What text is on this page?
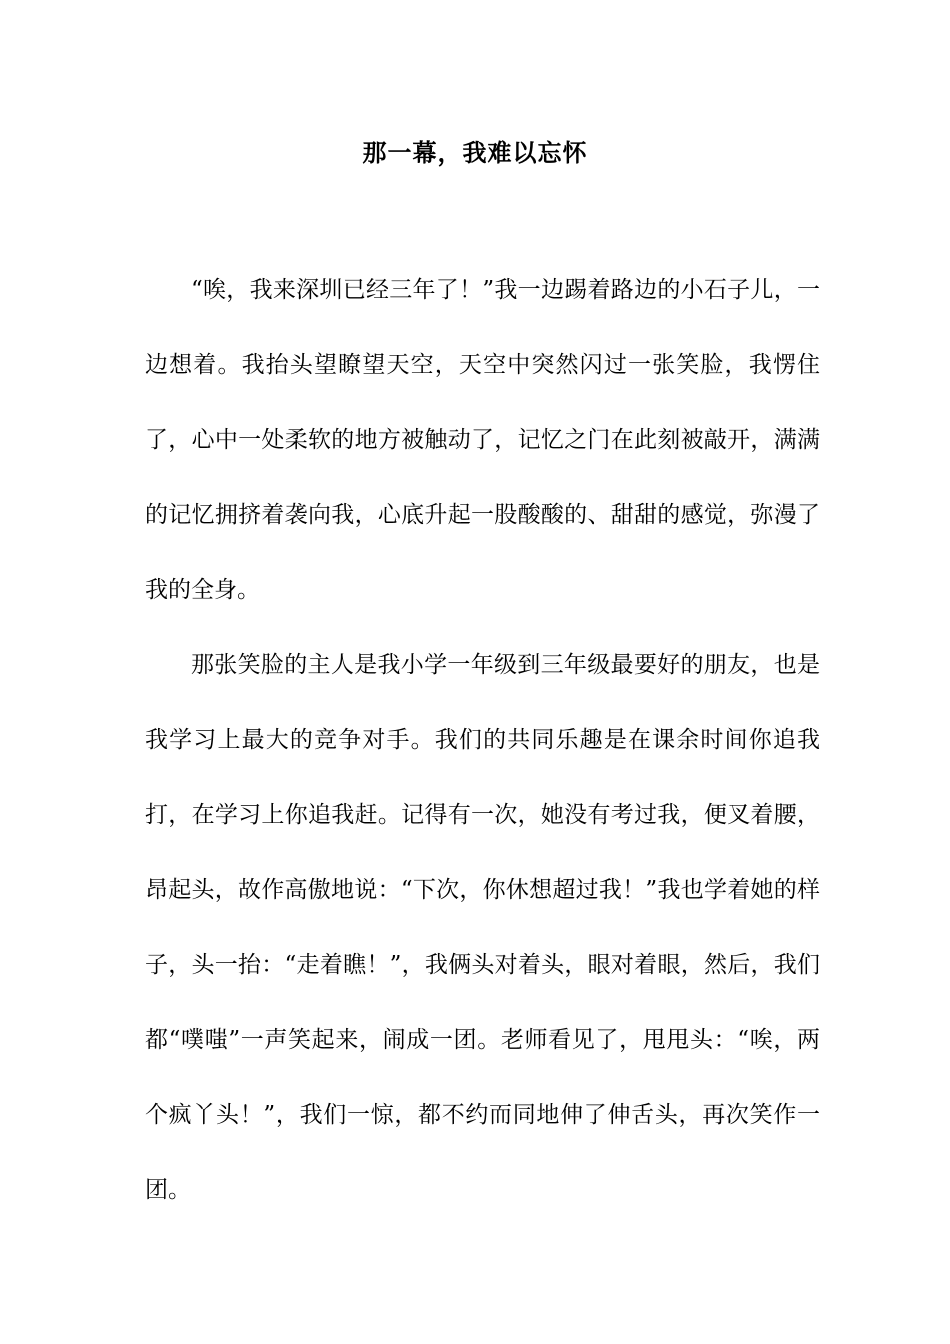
那一幕，我难以忘怀

“唉，我来深圳已经三年了！”我一边踢着路边的小石子儿，一边想着。我抬头望瞭望天空，天空中突然闪过一张笑脸，我愣住了，心中一处柔软的地方被触动了，记忆之门在此刻被敲开，满满的记忆拥挤着袭向我，心底升起一股酸酸的、甜甜的感觉，弥漫了我的全身。

那张笑脸的主人是我小学一年级到三年级最要好的朋友，也是我学习上最大的竞争对手。我们的共同乐趣是在课余时间你追我打，在学习上你追我赶。记得有一次，她没有考过我，便叉着腰，昂起头，故作高傲地说：“下次，你休想超过我！”我也学着她的样子，头一抬：“走着瞧！”，我俩头对着头，眼对着眼，然后，我们都“噗嗤”一声笑起来，闹成一团。老师看见了，甩甩头：“唉，两个疯丫头！”，我们一惊，都不约而同地伸了伸舌头，再次笑作一团。
